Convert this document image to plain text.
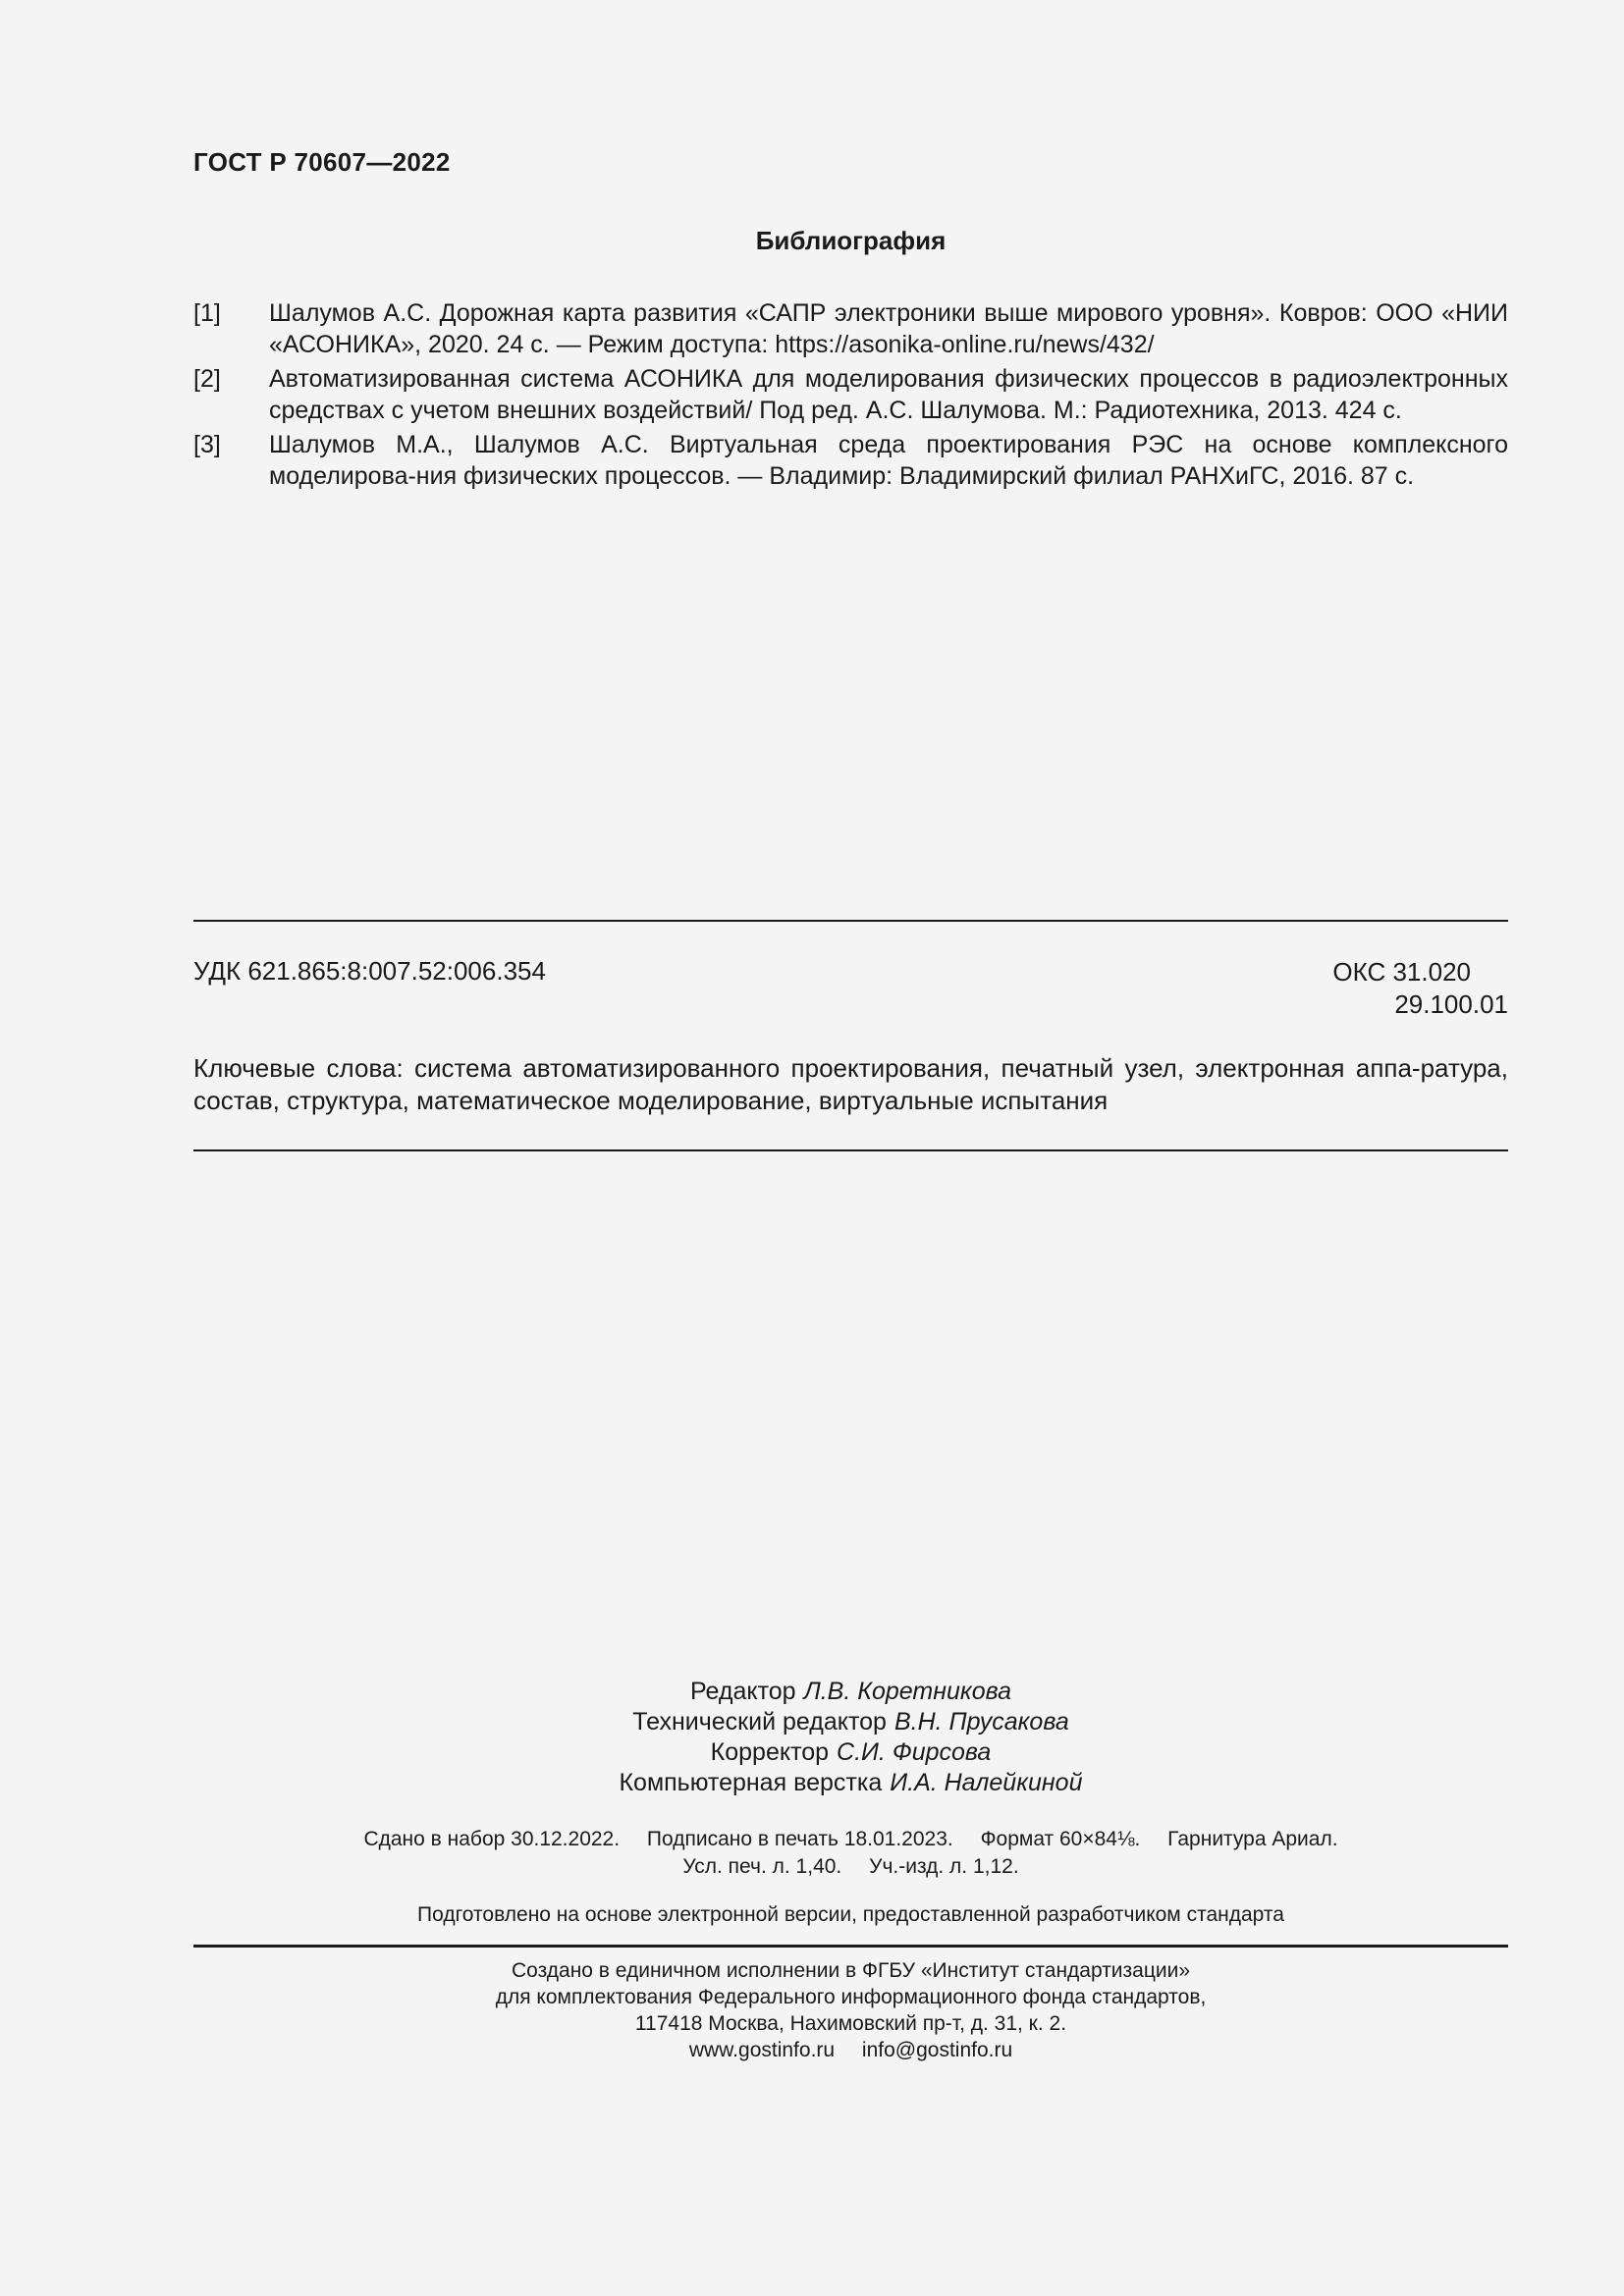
ГОСТ Р 70607—2022
Библиография
[1] Шалумов А.С. Дорожная карта развития «САПР электроники выше мирового уровня». Ковров: ООО «НИИ «АСОНИКА», 2020. 24 с. — Режим доступа: https://asonika-online.ru/news/432/
[2] Автоматизированная система АСОНИКА для моделирования физических процессов в радиоэлектронных средствах с учетом внешних воздействий/ Под ред. А.С. Шалумова. М.: Радиотехника, 2013. 424 с.
[3] Шалумов М.А., Шалумов А.С. Виртуальная среда проектирования РЭС на основе комплексного моделирова-ния физических процессов. — Владимир: Владимирский филиал РАНХиГС, 2016. 87 с.
УДК 621.865:8:007.52:006.354	ОКС 31.020
29.100.01
Ключевые слова: система автоматизированного проектирования, печатный узел, электронная аппа-ратура, состав, структура, математическое моделирование, виртуальные испытания
Редактор Л.В. Коретникова
Технический редактор В.Н. Прусакова
Корректор С.И. Фирсова
Компьютерная верстка И.А. Налейкиной
Сдано в набор 30.12.2022. Подписано в печать 18.01.2023. Формат 60×84⅛. Гарнитура Ариал.
Усл. печ. л. 1,40. Уч.-изд. л. 1,12.
Подготовлено на основе электронной версии, предоставленной разработчиком стандарта
Создано в единичном исполнении в ФГБУ «Институт стандартизации»
для комплектования Федерального информационного фонда стандартов,
117418 Москва, Нахимовский пр-т, д. 31, к. 2.
www.gostinfo.ru info@gostinfo.ru
